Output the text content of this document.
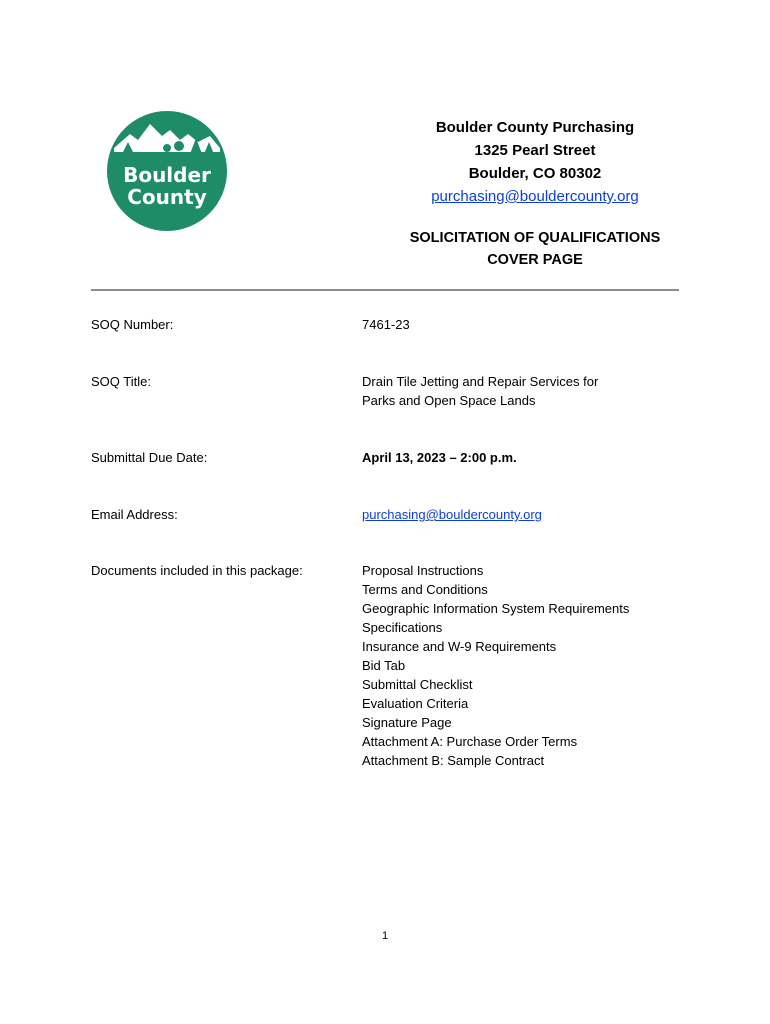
Boulder
County
Boulder County Purchasing
1325 Pearl Street
Boulder, CO 80302
purchasing@bouldercounty.org
SOLICITATION OF QUALIFICATIONS
COVER PAGE
SOQ Number:	7461-23
SOQ Title:	Drain Tile Jetting and Repair Services for
Parks and Open Space Lands
Submittal Due Date:	April 13, 2023 – 2:00 p.m.
Email Address:	purchasing@bouldercounty.org
Documents included in this package:	Proposal Instructions
Terms and Conditions
Geographic Information System Requirements
Specifications
Insurance and W-9 Requirements
Bid Tab
Submittal Checklist
Evaluation Criteria
Signature Page
Attachment A: Purchase Order Terms
Attachment B: Sample Contract
1
